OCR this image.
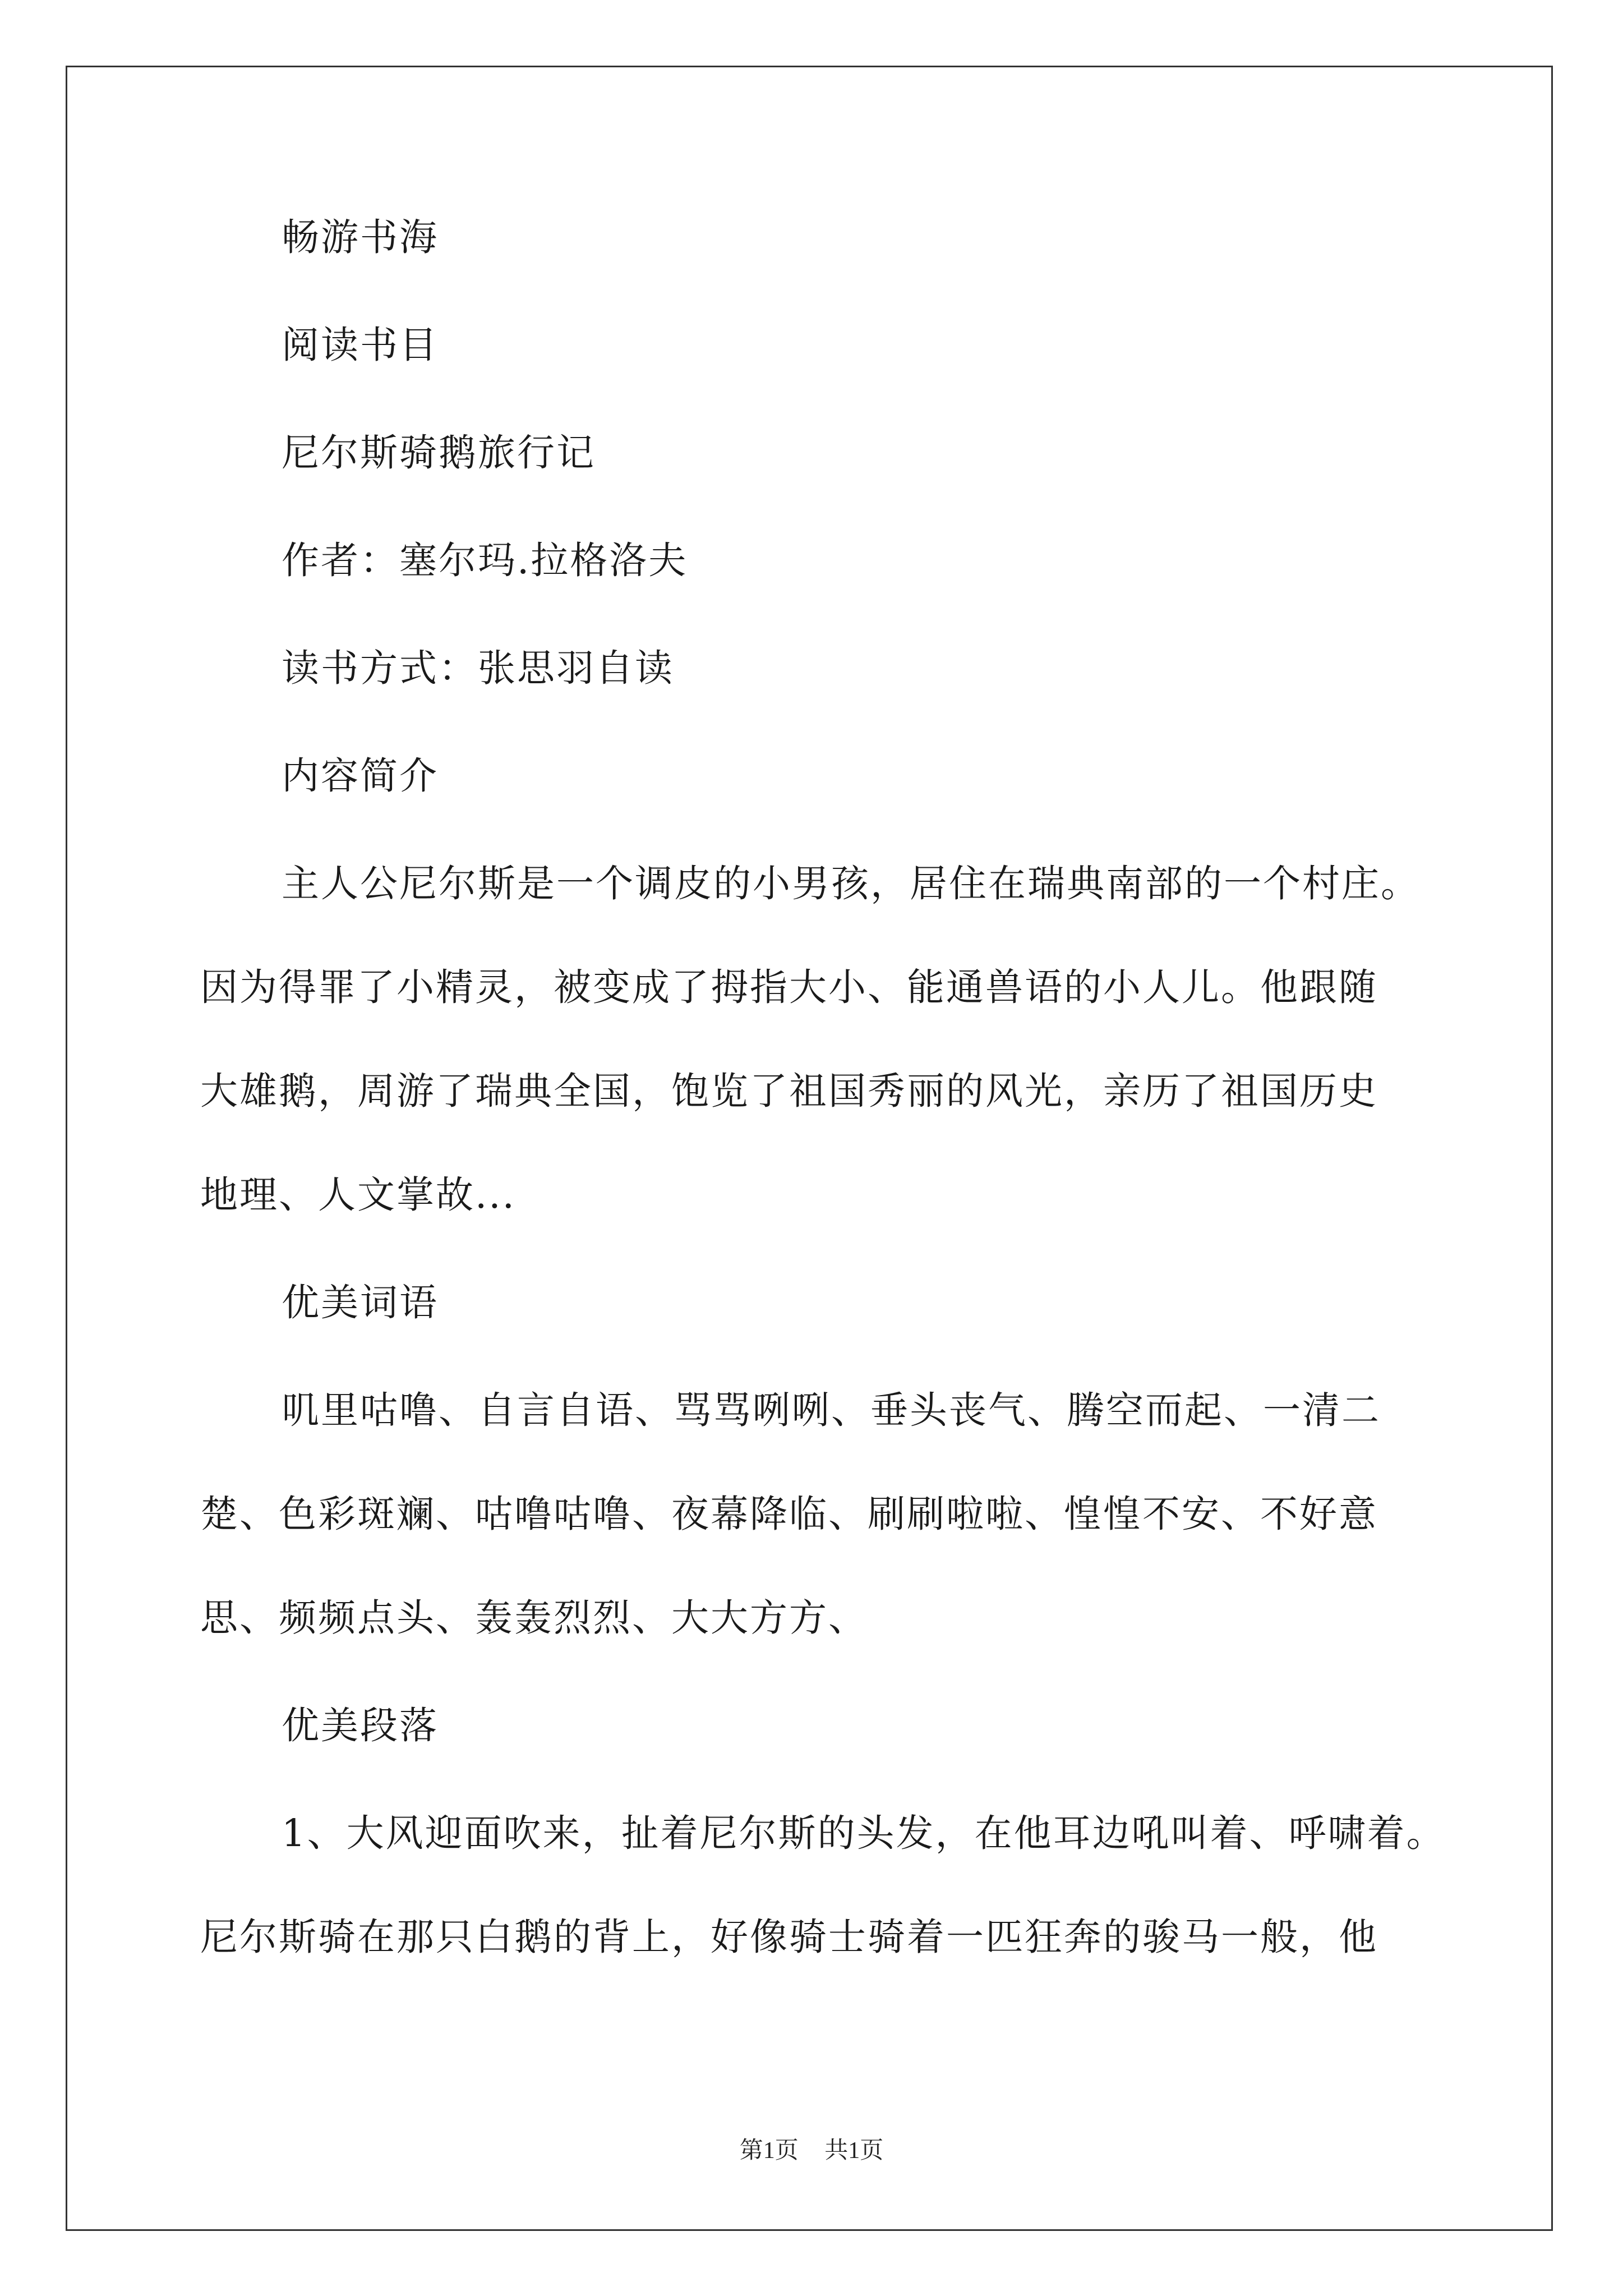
畅游书海
阅读书目
尼尔斯骑鹅旅行记
作者：塞尔玛.拉格洛夫
读书方式：张思羽自读
内容简介
主人公尼尔斯是一个调皮的小男孩，居住在瑞典南部的一个村庄。
因为得罪了小精灵，被变成了拇指大小、能通兽语的小人儿。他跟随
大雄鹅，周游了瑞典全国，饱览了祖国秀丽的风光，亲历了祖国历史
地理、人文掌故...
优美词语
叽里咕噜、自言自语、骂骂咧咧、垂头丧气、腾空而起、一清二
楚、色彩斑斓、咕噜咕噜、夜幕降临、刷刷啦啦、惶惶不安、不好意
思、频频点头、轰轰烈烈、大大方方、
优美段落
1、大风迎面吹来，扯着尼尔斯的头发，在他耳边吼叫着、呼啸着。
尼尔斯骑在那只白鹅的背上，好像骑士骑着一匹狂奔的骏马一般，他
第1页 共1页
